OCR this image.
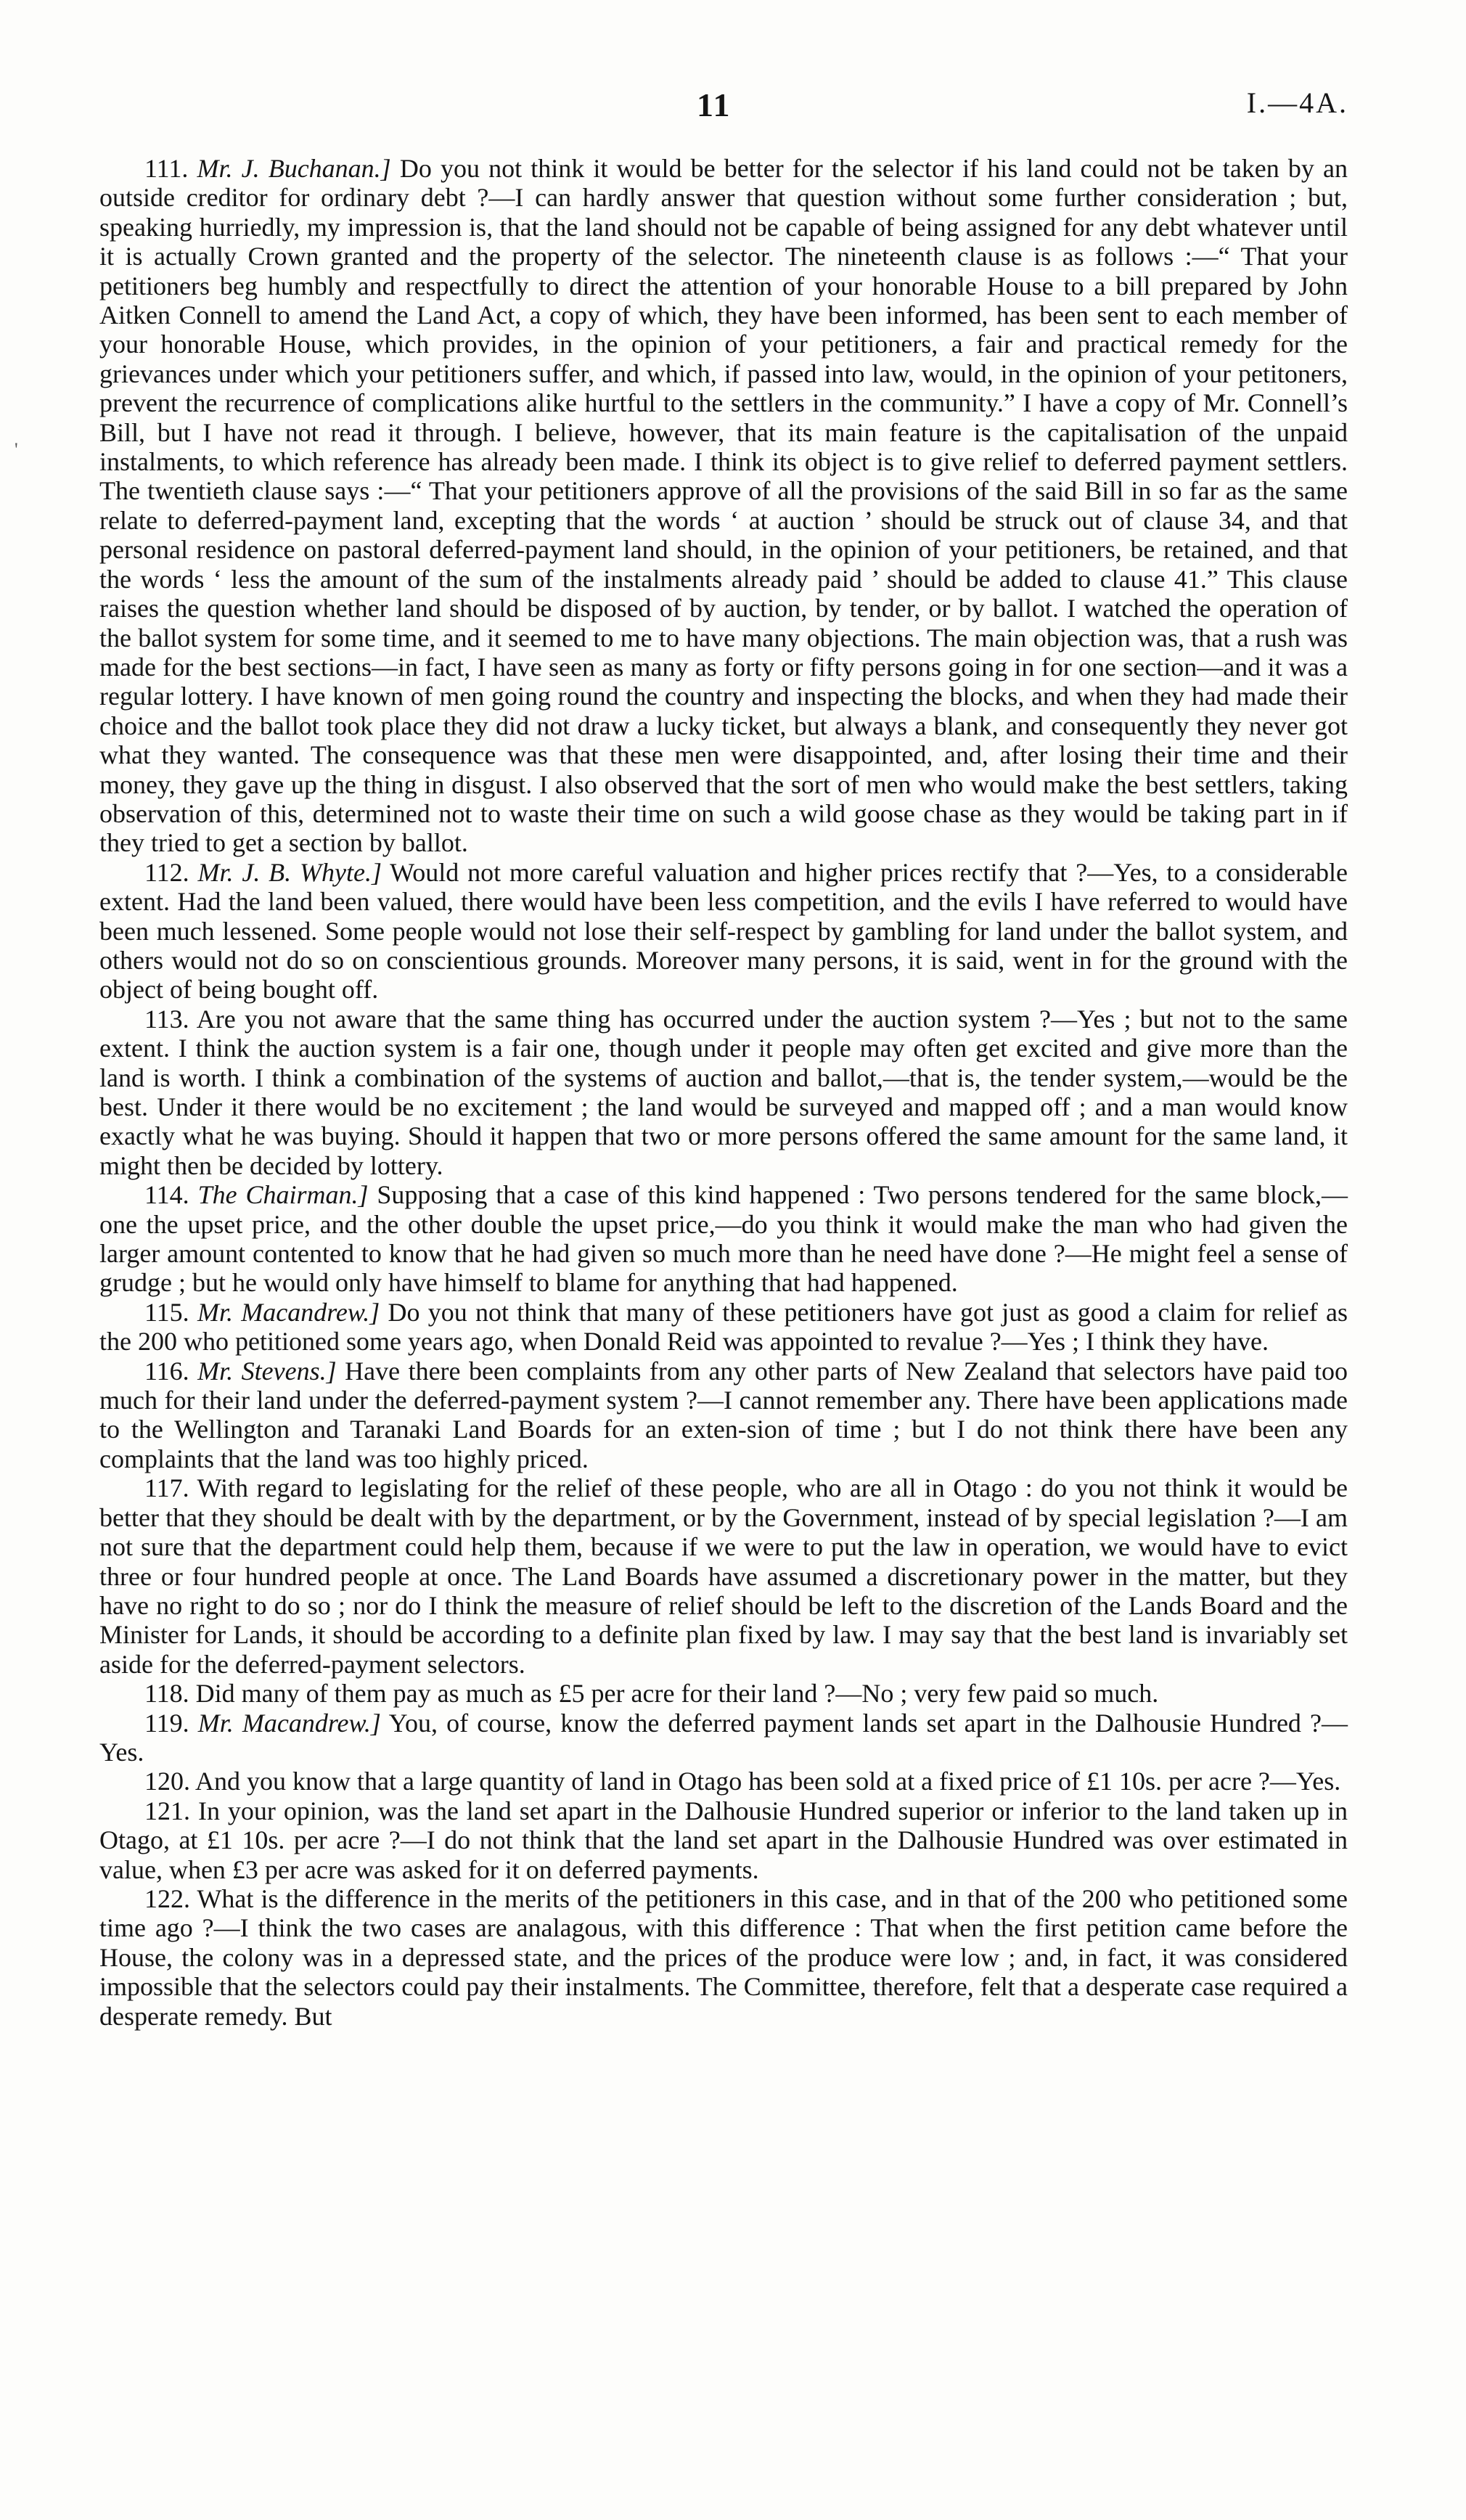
11	I.—4A.
'

111. Mr. J. Buchanan.] Do you not think it would be better for the selector if his land could not be taken by an outside creditor for ordinary debt ?—I can hardly answer that question without some further consideration ; but, speaking hurriedly, my impression is, that the land should not be capable of being assigned for any debt whatever until it is actually Crown granted and the property of the selector. The nineteenth clause is as follows :—“ That your petitioners beg humbly and respectfully to direct the attention of your honorable House to a bill prepared by John Aitken Connell to amend the Land Act, a copy of which, they have been informed, has been sent to each member of your honorable House, which provides, in the opinion of your petitioners, a fair and practical remedy for the grievances under which your petitioners suffer, and which, if passed into law, would, in the opinion of your petitoners, prevent the recurrence of complications alike hurtful to the settlers in the community.” I have a copy of Mr. Connell’s Bill, but I have not read it through. I believe, however, that its main feature is the capitalisation of the unpaid instalments, to which reference has already been made. I think its object is to give relief to deferred payment settlers. The twentieth clause says :—“ That your petitioners approve of all the provisions of the said Bill in so far as the same relate to deferred-payment land, excepting that the words ‘ at auction ’ should be struck out of clause 34, and that personal residence on pastoral deferred-payment land should, in the opinion of your petitioners, be retained, and that the words ‘ less the amount of the sum of the instalments already paid ’ should be added to clause 41.” This clause raises the question whether land should be disposed of by auction, by tender, or by ballot. I watched the operation of the ballot system for some time, and it seemed to me to have many objections. The main objection was, that a rush was made for the best sections—in fact, I have seen as many as forty or fifty persons going in for one section—and it was a regular lottery. I have known of men going round the country and inspecting the blocks, and when they had made their choice and the ballot took place they did not draw a lucky ticket, but always a blank, and consequently they never got what they wanted. The consequence was that these men were disappointed, and, after losing their time and their money, they gave up the thing in disgust. I also observed that the sort of men who would make the best settlers, taking observation of this, determined not to waste their time on such a wild goose chase as they would be taking part in if they tried to get a section by ballot.

112. Mr. J. B. Whyte.] Would not more careful valuation and higher prices rectify that ?—Yes, to a considerable extent. Had the land been valued, there would have been less competition, and the evils I have referred to would have been much lessened. Some people would not lose their self-respect by gambling for land under the ballot system, and others would not do so on conscientious grounds. Moreover many persons, it is said, went in for the ground with the object of being bought off.

113. Are you not aware that the same thing has occurred under the auction system ?—Yes ; but not to the same extent. I think the auction system is a fair one, though under it people may often get excited and give more than the land is worth. I think a combination of the systems of auction and ballot,—that is, the tender system,—would be the best. Under it there would be no excitement ; the land would be surveyed and mapped off ; and a man would know exactly what he was buying. Should it happen that two or more persons offered the same amount for the same land, it might then be decided by lottery.

114. The Chairman.] Supposing that a case of this kind happened : Two persons tendered for the same block,—one the upset price, and the other double the upset price,—do you think it would make the man who had given the larger amount contented to know that he had given so much more than he need have done ?—He might feel a sense of grudge ; but he would only have himself to blame for anything that had happened.

115. Mr. Macandrew.] Do you not think that many of these petitioners have got just as good a claim for relief as the 200 who petitioned some years ago, when Donald Reid was appointed to revalue ?—Yes ; I think they have.

116. Mr. Stevens.] Have there been complaints from any other parts of New Zealand that selectors have paid too much for their land under the deferred-payment system ?—I cannot remember any. There have been applications made to the Wellington and Taranaki Land Boards for an exten-sion of time ; but I do not think there have been any complaints that the land was too highly priced.

117. With regard to legislating for the relief of these people, who are all in Otago : do you not think it would be better that they should be dealt with by the department, or by the Government, instead of by special legislation ?—I am not sure that the department could help them, because if we were to put the law in operation, we would have to evict three or four hundred people at once. The Land Boards have assumed a discretionary power in the matter, but they have no right to do so ; nor do I think the measure of relief should be left to the discretion of the Lands Board and the Minister for Lands, it should be according to a definite plan fixed by law. I may say that the best land is invariably set aside for the deferred-payment selectors.

118. Did many of them pay as much as £5 per acre for their land ?—No ; very few paid so much.

119. Mr. Macandrew.] You, of course, know the deferred payment lands set apart in the Dalhousie Hundred ?—Yes.

120. And you know that a large quantity of land in Otago has been sold at a fixed price of £1 10s. per acre ?—Yes.

121. In your opinion, was the land set apart in the Dalhousie Hundred superior or inferior to the land taken up in Otago, at £1 10s. per acre ?—I do not think that the land set apart in the Dalhousie Hundred was over estimated in value, when £3 per acre was asked for it on deferred payments.

122. What is the difference in the merits of the petitioners in this case, and in that of the 200 who petitioned some time ago ?—I think the two cases are analagous, with this difference : That when the first petition came before the House, the colony was in a depressed state, and the prices of the produce were low ; and, in fact, it was considered impossible that the selectors could pay their instalments. The Committee, therefore, felt that a desperate case required a desperate remedy. But
